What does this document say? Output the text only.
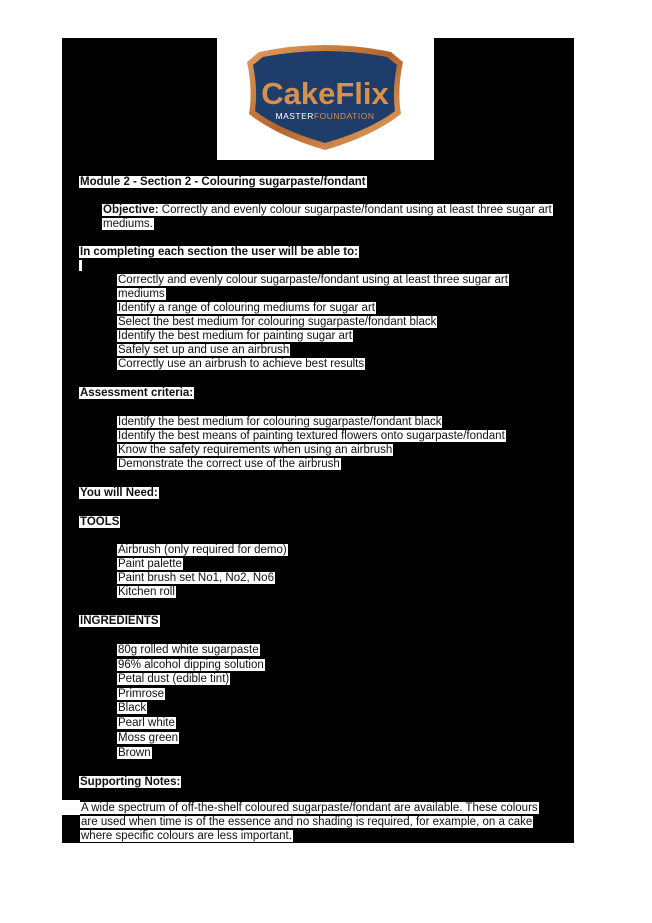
CakeFlix
MASTERFOUNDATION
Module 2 - Section 2 - Colouring sugarpaste/fondant
Objective: Correctly and evenly colour sugarpaste/fondant using at least three sugar art
mediums.
In completing each section the user will be able to:
Correctly and evenly colour sugarpaste/fondant using at least three sugar art
mediums
Identify a range of colouring mediums for sugar art
Select the best medium for colouring sugarpaste/fondant black
Identify the best medium for painting sugar art
Safely set up and use an airbrush
Correctly use an airbrush to achieve best results
Assessment criteria:
Identify the best medium for colouring sugarpaste/fondant black
Identify the best means of painting textured flowers onto sugarpaste/fondant
Know the safety requirements when using an airbrush
Demonstrate the correct use of the airbrush
You will Need:
TOOLS
Airbrush (only required for demo)
Paint palette
Paint brush set No1, No2, No6
Kitchen roll
INGREDIENTS
80g rolled white sugarpaste
96% alcohol dipping solution
Petal dust (edible tint)
Primrose
Black
Pearl white
Moss green
Brown
Supporting Notes:
A wide spectrum of off-the-shelf coloured sugarpaste/fondant are available. These colours
are used when time is of the essence and no shading is required, for example, on a cake
where specific colours are less important.
